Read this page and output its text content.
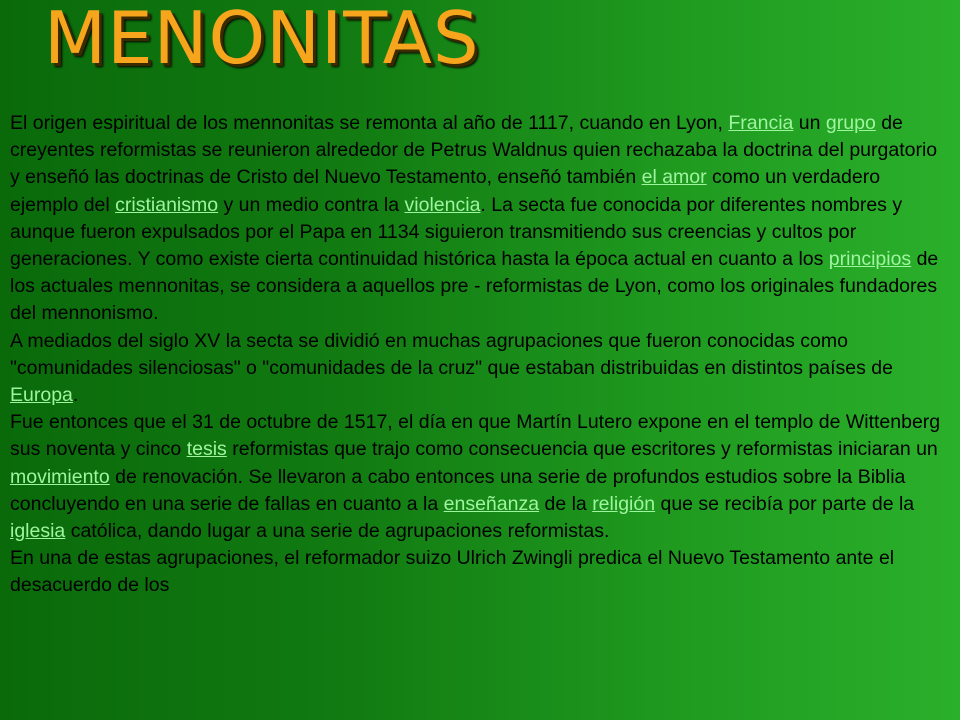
MENONITAS

El origen espiritual de los mennonitas se remonta al año de 1117, cuando en Lyon, Francia un grupo de creyentes reformistas se reunieron alrededor de Petrus Waldnus quien rechazaba la doctrina del purgatorio y enseñó las doctrinas de Cristo del Nuevo Testamento, enseñó también el amor como un verdadero ejemplo del cristianismo y un medio contra la violencia. La secta fue conocida por diferentes nombres y aunque fueron expulsados por el Papa en 1134 siguieron transmitiendo sus creencias y cultos por generaciones. Y como existe cierta continuidad histórica hasta la época actual en cuanto a los principios de los actuales mennonitas, se considera a aquellos pre - reformistas de Lyon, como los originales fundadores del mennonismo.

A mediados del siglo XV la secta se dividió en muchas agrupaciones que fueron conocidas como "comunidades silenciosas" o "comunidades de la cruz" que estaban distribuidas en distintos países de Europa.

Fue entonces que el 31 de octubre de 1517, el día en que Martín Lutero expone en el templo de Wittenberg sus noventa y cinco tesis reformistas que trajo como consecuencia que escritores y reformistas iniciaran un movimiento de renovación. Se llevaron a cabo entonces una serie de profundos estudios sobre la Biblia concluyendo en una serie de fallas en cuanto a la enseñanza de la religión que se recibía por parte de la iglesia católica, dando lugar a una serie de agrupaciones reformistas.

En una de estas agrupaciones, el reformador suizo Ulrich Zwingli predica el Nuevo Testamento ante el desacuerdo de los
